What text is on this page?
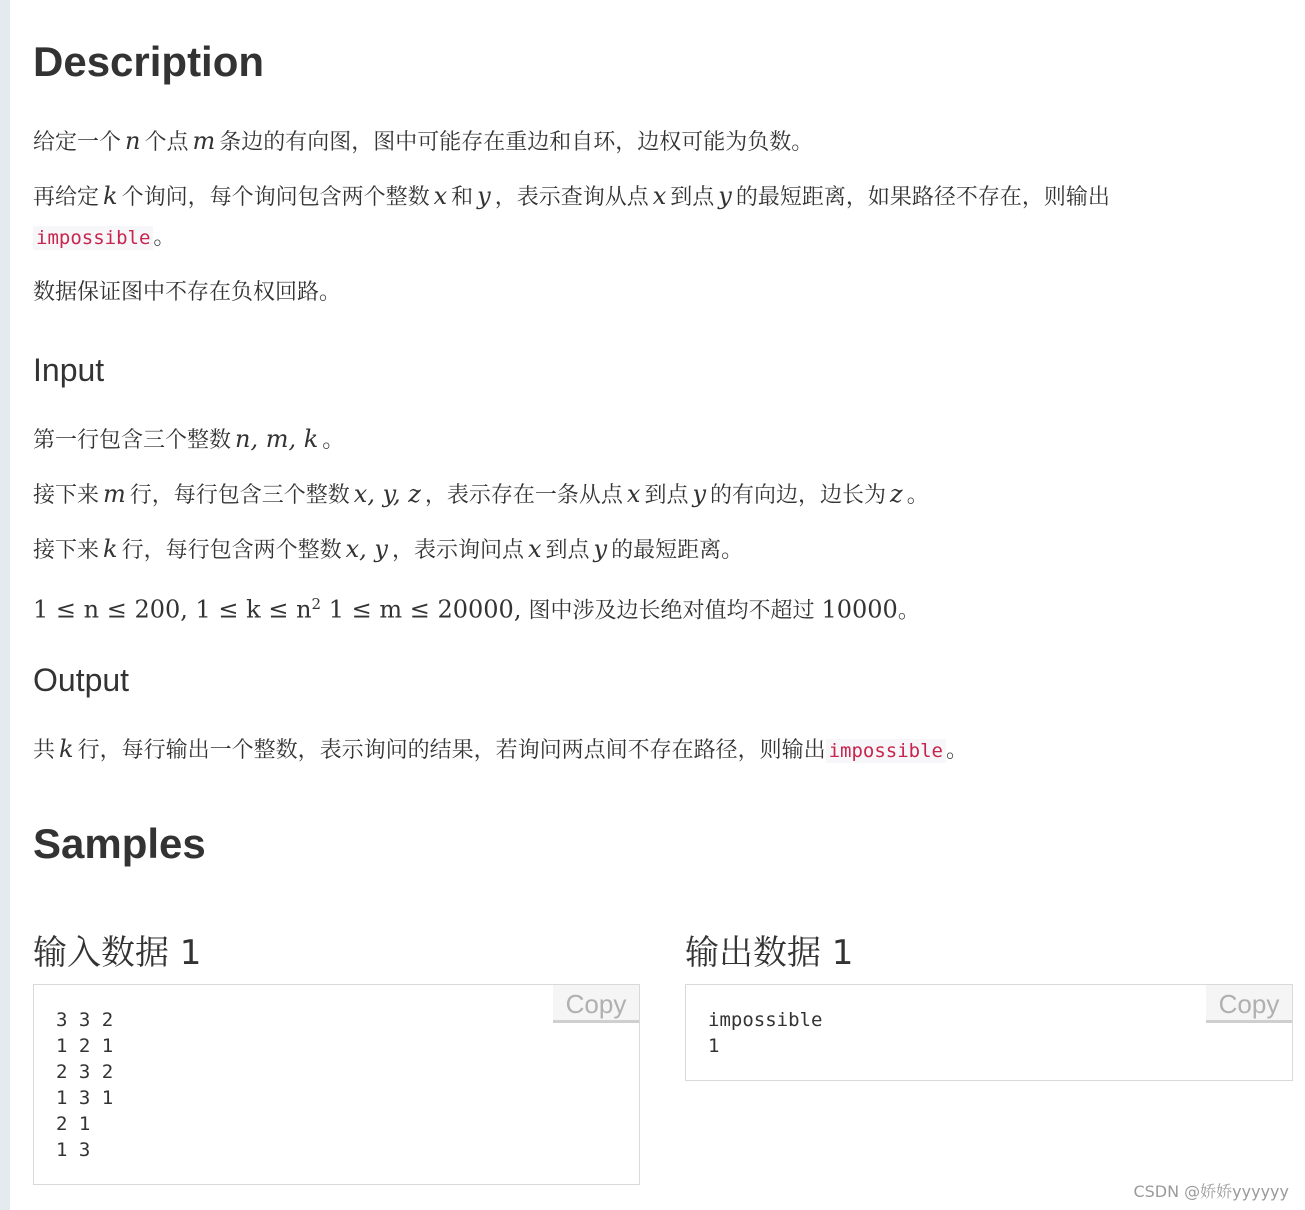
Description

给定一个 n 个点 m 条边的有向图，图中可能存在重边和自环，边权可能为负数。

再给定 k 个询问，每个询问包含两个整数 x 和 y ，表示查询从点 x 到点 y 的最短距离，如果路径不存在，则输出

impossible 。

数据保证图中不存在负权回路。

Input

第一行包含三个整数 n, m, k 。

接下来 m 行，每行包含三个整数 x, y, z ，表示存在一条从点 x 到点 y 的有向边，边长为 z 。

接下来 k 行，每行包含两个整数 x, y ，表示询问点 x 到点 y 的最短距离。

1 ≤ n ≤ 200, $1 \le k \le n^2$ 1 ≤ m ≤ 20000, 图中涉及边长绝对值均不超过 10000。

Output

共 k 行，每行输出一个整数，表示询问的结果，若询问两点间不存在路径，则输出 impossible 。

Samples
输入数据 1	输出数据 1
3 3 2
1 2 1
2 3 2
1 3 1
2 1
1 3
Copy
impossible
1
Copy
CSDN @娇娇yyyyyy
